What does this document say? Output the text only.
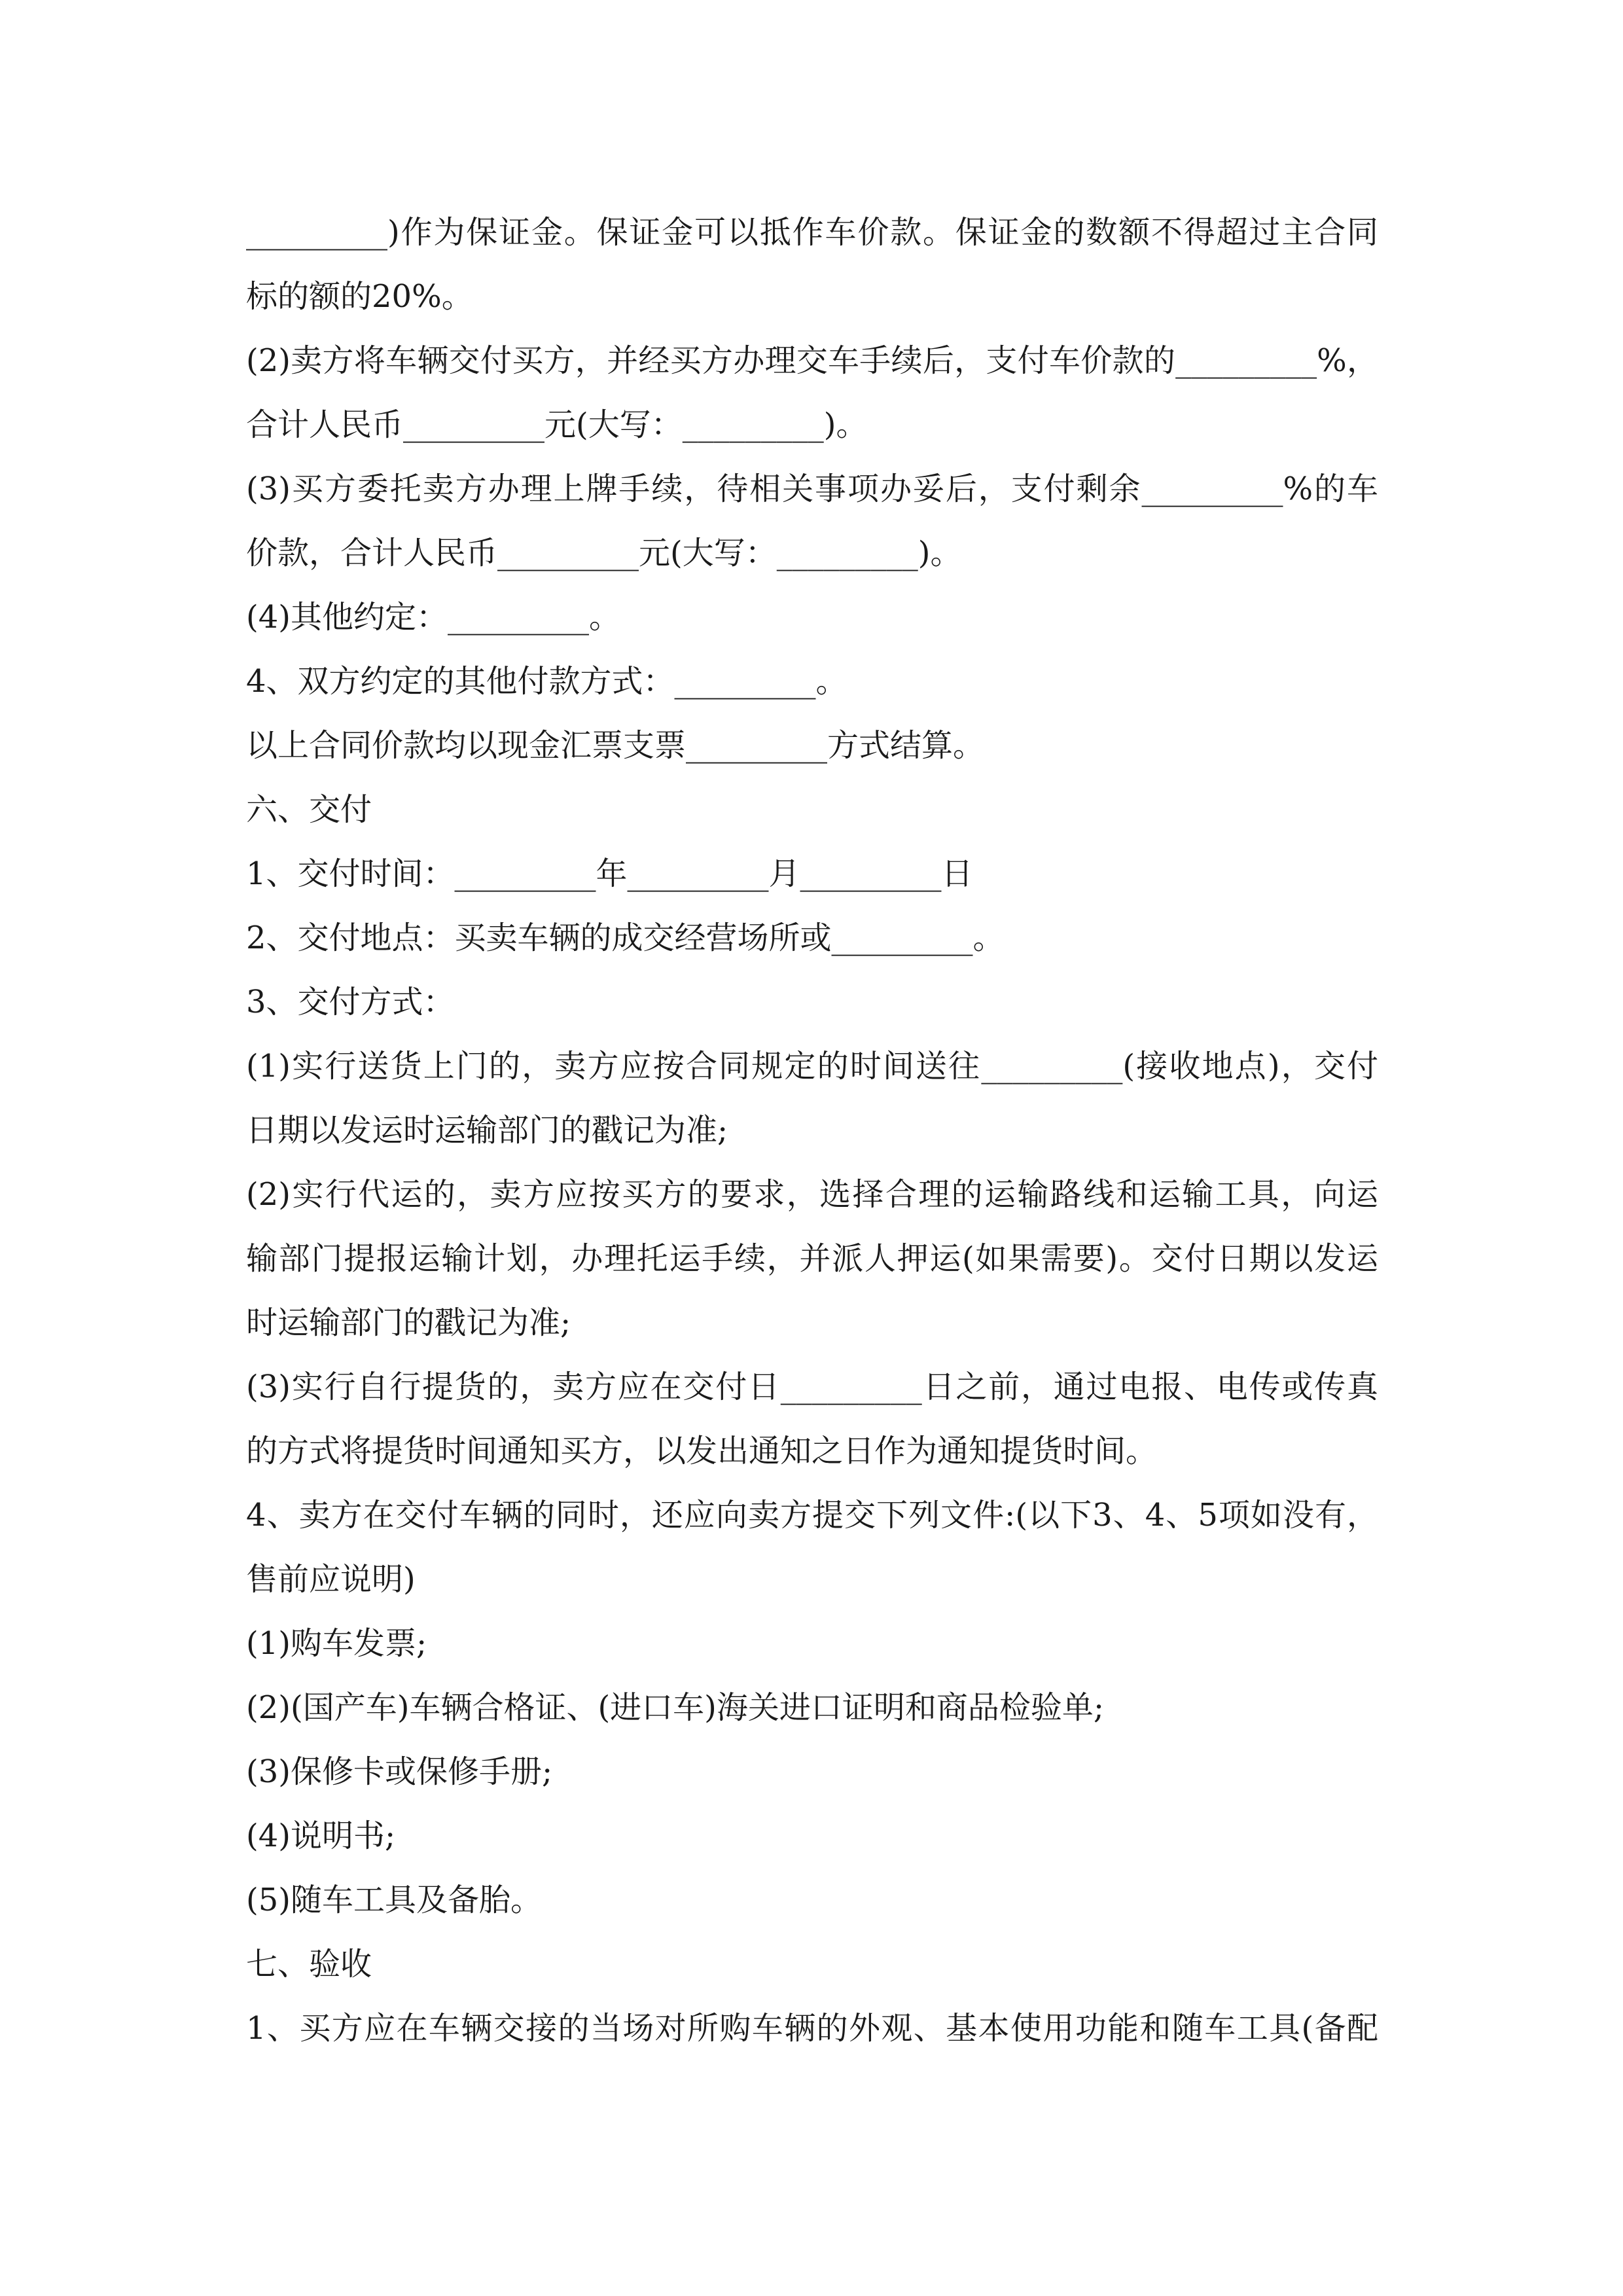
_________)作为保证金。保证金可以抵作车价款。保证金的数额不得超过主合同
标的额的20%。
(2)卖方将车辆交付买方，并经买方办理交车手续后，支付车价款的_________%，
合计人民币_________元(大写：_________)。
(3)买方委托卖方办理上牌手续，待相关事项办妥后，支付剩余_________%的车
价款，合计人民币_________元(大写：_________)。
(4)其他约定：_________。
4、双方约定的其他付款方式：_________。
以上合同价款均以现金汇票支票_________方式结算。
六、交付
1、交付时间：_________年_________月_________日
2、交付地点：买卖车辆的成交经营场所或_________。
3、交付方式：
(1)实行送货上门的，卖方应按合同规定的时间送往_________(接收地点)，交付
日期以发运时运输部门的戳记为准;
(2)实行代运的，卖方应按买方的要求，选择合理的运输路线和运输工具，向运
输部门提报运输计划，办理托运手续，并派人押运(如果需要)。交付日期以发运
时运输部门的戳记为准;
(3)实行自行提货的，卖方应在交付日_________日之前，通过电报、电传或传真
的方式将提货时间通知买方，以发出通知之日作为通知提货时间。
4、卖方在交付车辆的同时，还应向卖方提交下列文件:(以下3、4、5项如没有，
售前应说明)
(1)购车发票;
(2)(国产车)车辆合格证、(进口车)海关进口证明和商品检验单;
(3)保修卡或保修手册;
(4)说明书;
(5)随车工具及备胎。
七、验收
1、买方应在车辆交接的当场对所购车辆的外观、基本使用功能和随车工具(备配
